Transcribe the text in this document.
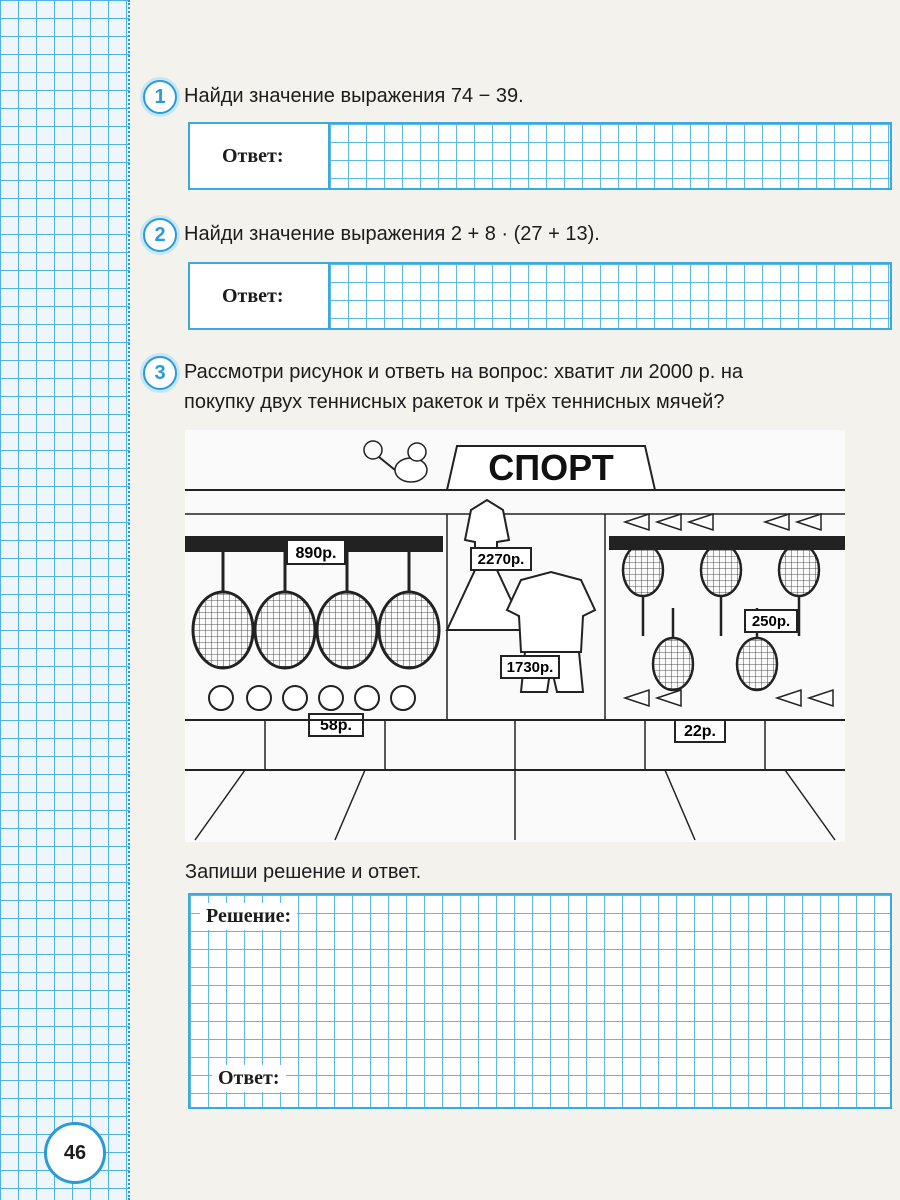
1 Найди значение выражения 74 − 39.
Ответ:
2 Найди значение выражения 2 + 8 · (27 + 13).
Ответ:
3 Рассмотри рисунок и ответь на вопрос: хватит ли 2000 р. на
покупку двух теннисных ракеток и трёх теннисных мячей?
СПОРТ
890р.
58р.
2270р.
1730р.
250р.
22р.
Запиши решение и ответ.
Решение:
Ответ:
46
